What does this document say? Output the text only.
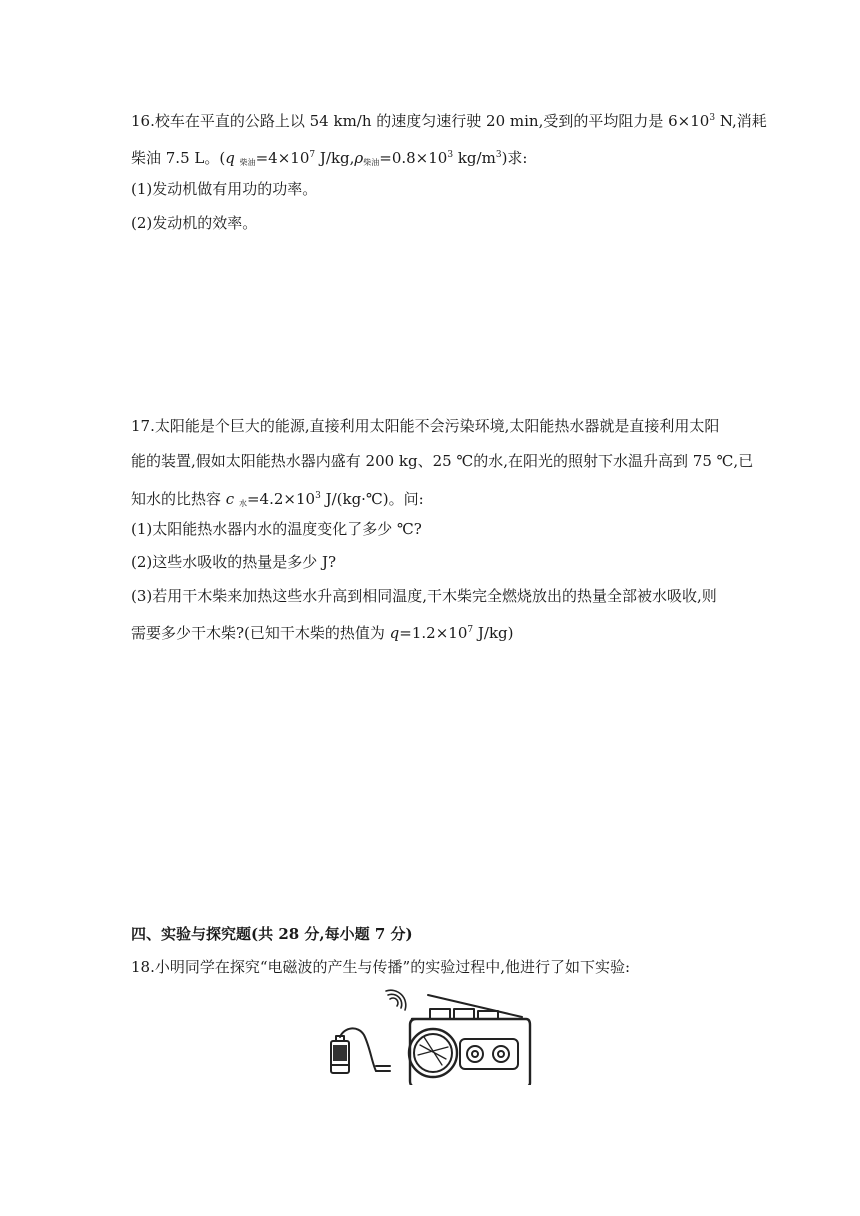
16.校车在平直的公路上以 54 km/h 的速度匀速行驶 20 min,受到的平均阻力是 $6\times 10^3$ N,消耗
柴油 7.5 L。(q $_{柴油}=4\times 10^7$ $J/kg,\rho_{柴油}=0.8\times 10^3$ $kg/m^3$)求:
(1)发动机做有用功的功率。
(2)发动机的效率。
17.太阳能是个巨大的能源,直接利用太阳能不会污染环境,太阳能热水器就是直接利用太阳
能的装置,假如太阳能热水器内盛有 200 kg、25 ℃的水,在阳光的照射下水温升高到 75 ℃,已
知水的比热容 c $_水=4.2\times 10^3$ J/(kg·℃)。问:
(1)太阳能热水器内水的温度变化了多少 ℃?
(2)这些水吸收的热量是多少 J?
(3)若用干木柴来加热这些水升高到相同温度,干木柴完全燃烧放出的热量全部被水吸收,则
需要多少干木柴?(已知干木柴的热值为 $q=1.2\times 10^7$ J/kg)
四、实验与探究题(共 28 分,每小题 7 分)
18.小明同学在探究“电磁波的产生与传播”的实验过程中,他进行了如下实验:
